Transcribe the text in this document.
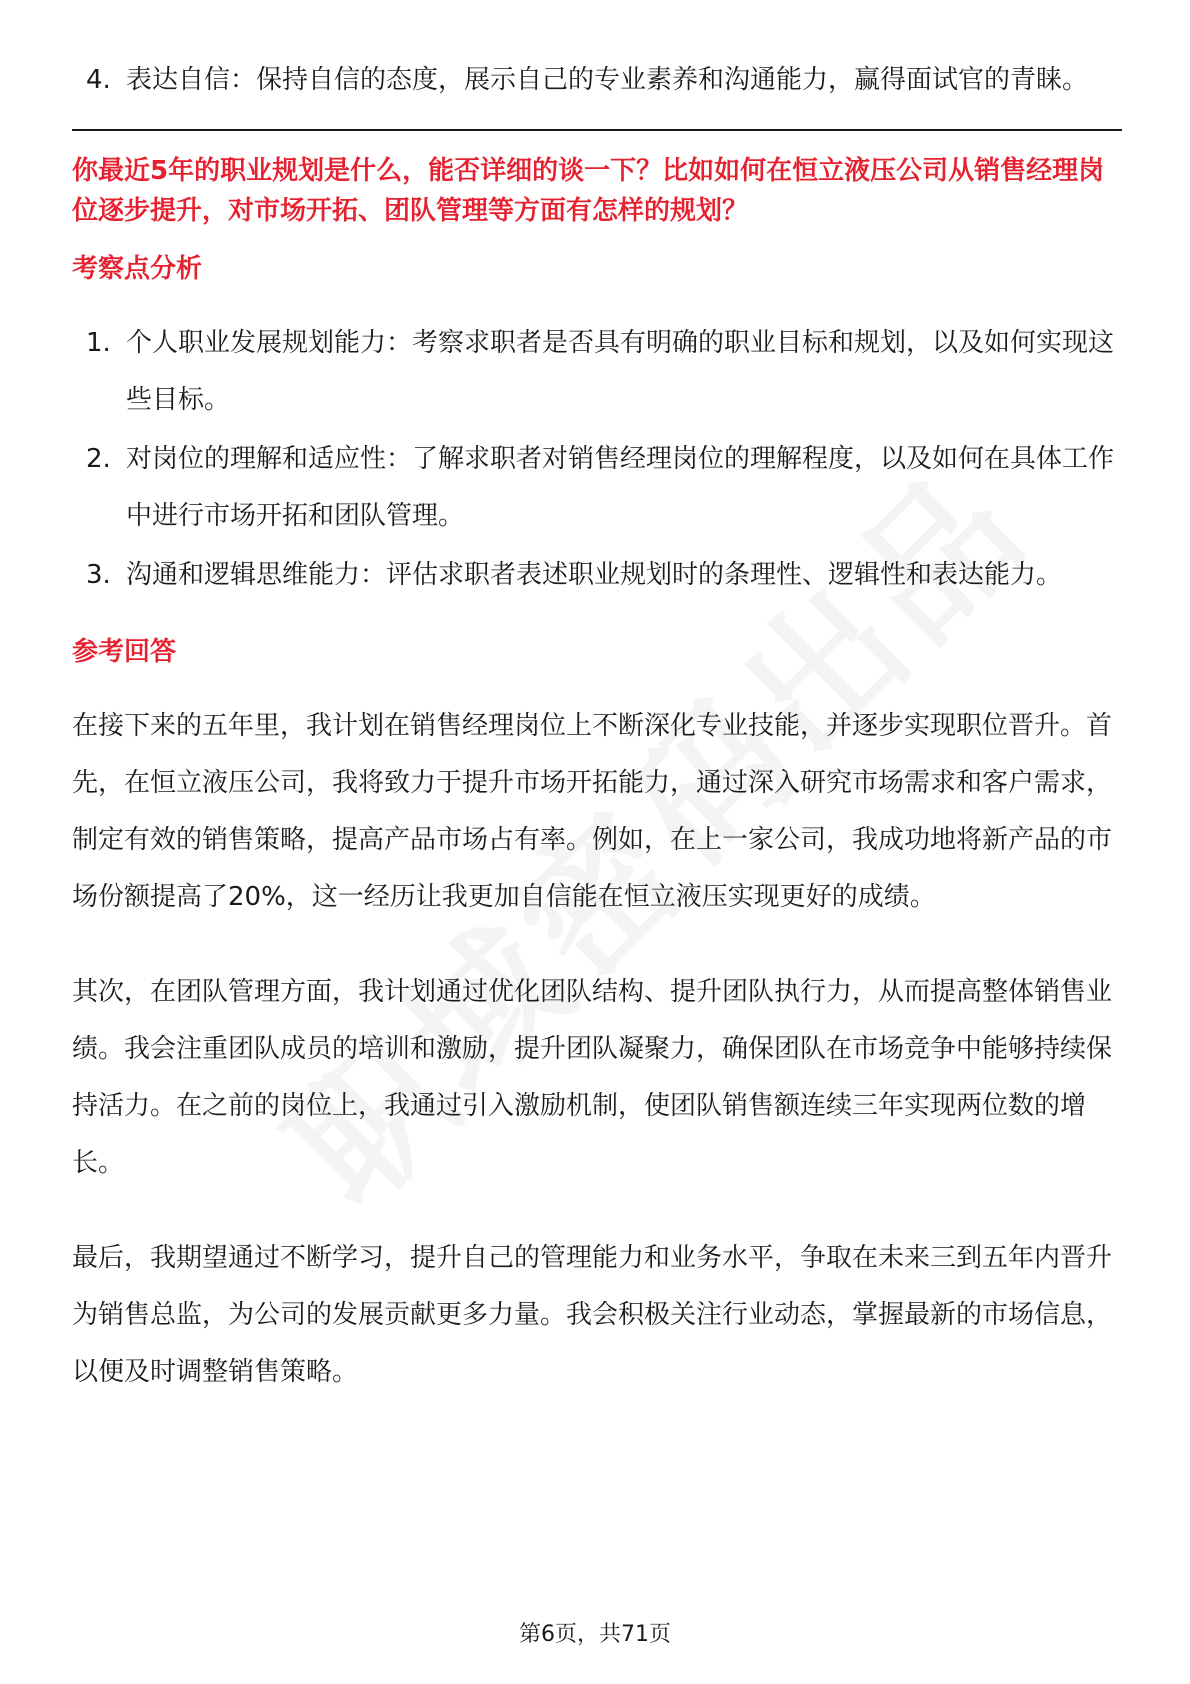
4. 表达自信：保持自信的态度，展示自己的专业素养和沟通能力，赢得面试官的青睐。
你最近5年的职业规划是什么，能否详细的谈一下？比如如何在恒立液压公司从销售经理岗位逐步提升，对市场开拓、团队管理等方面有怎样的规划？
考察点分析
1. 个人职业发展规划能力：考察求职者是否具有明确的职业目标和规划，以及如何实现这些目标。
2. 对岗位的理解和适应性：了解求职者对销售经理岗位的理解程度，以及如何在具体工作中进行市场开拓和团队管理。
3. 沟通和逻辑思维能力：评估求职者表述职业规划时的条理性、逻辑性和表达能力。
参考回答

在接下来的五年里，我计划在销售经理岗位上不断深化专业技能，并逐步实现职位晋升。首先，在恒立液压公司，我将致力于提升市场开拓能力，通过深入研究市场需求和客户需求，制定有效的销售策略，提高产品市场占有率。例如，在上一家公司，我成功地将新产品的市场份额提高了20%，这一经历让我更加自信能在恒立液压实现更好的成绩。

其次，在团队管理方面，我计划通过优化团队结构、提升团队执行力，从而提高整体销售业绩。我会注重团队成员的培训和激励，提升团队凝聚力，确保团队在市场竞争中能够持续保持活力。在之前的岗位上，我通过引入激励机制，使团队销售额连续三年实现两位数的增长。

最后，我期望通过不断学习，提升自己的管理能力和业务水平，争取在未来三到五年内晋升为销售总监，为公司的发展贡献更多力量。我会积极关注行业动态，掌握最新的市场信息，以便及时调整销售策略。

第6页，共71页
